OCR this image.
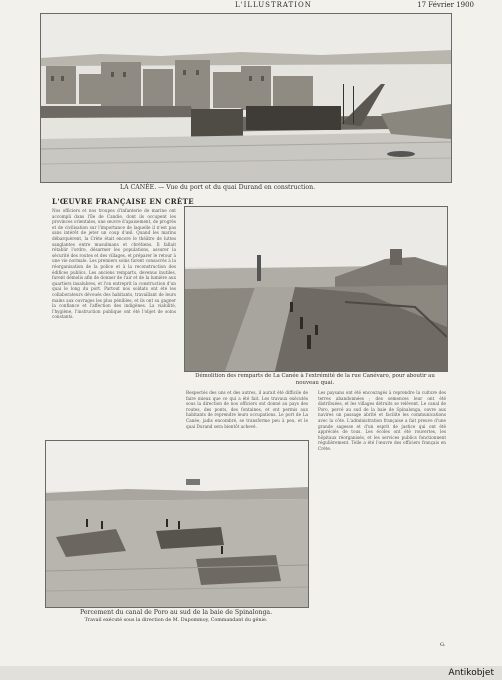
L'ILLUSTRATION	17 Février 1900
LA CANÉE. — Vue du port et du quai Durand en construction.
L'ŒUVRE FRANÇAISE EN CRÈTE
Nos officiers et nos troupes d'infanterie de marine ont accompli dans l'île de Candie, dont ils occupent les provinces orientales, une œuvre d'apaisement, de progrès et de civilisation sur l'importance de laquelle il n'est pas sans intérêt de jeter un coup d'œil. Quand les marins débarquèrent, la Crète était encore le théâtre de luttes sanglantes entre musulmans et chrétiens. Il fallait rétablir l'ordre, désarmer les populations, assurer la sécurité des routes et des villages, et préparer le retour à une vie normale. Les premiers soins furent consacrés à la réorganisation de la police et à la reconstruction des édifices publics. Les anciens remparts, devenus inutiles, furent démolis afin de donner de l'air et de la lumière aux quartiers insalubres, et l'on entreprit la construction d'un quai le long du port. Partout nos soldats ont été les collaborateurs dévoués des habitants, travaillant de leurs mains aux ouvrages les plus pénibles, et ils ont su gagner la confiance et l'affection des indigènes. La viabilité, l'hygiène, l'instruction publique ont été l'objet de soins constants.
Démolition des remparts de La Canée à l'extrémité de la rue Canévaro, pour aboutir au nouveau quai.
Respectés des uns et des autres, il aurait été difficile de faire mieux que ce qui a été fait. Les travaux exécutés sous la direction de nos officiers ont donné au pays des routes, des ponts, des fontaines, et ont permis aux habitants de reprendre leurs occupations. Le port de La Canée, jadis encombré, se transforme peu à peu, et le quai Durand sera bientôt achevé.
Les paysans ont été encouragés à reprendre la culture des terres abandonnées ; des semences leur ont été distribuées, et les villages détruits se relèvent. Le canal de Poro, percé au sud de la baie de Spinalonga, ouvre aux navires un passage abrité et facilite les communications avec la côte. L'administration française a fait preuve d'une grande sagesse et d'un esprit de justice qui ont été appréciés de tous. Les écoles ont été rouvertes, les hôpitaux réorganisés, et les services publics fonctionnent régulièrement. Telle a été l'œuvre des officiers français en Crète.
Percement du canal de Poro au sud de la baie de Spinalonga.
Travail exécuté sous la direction de M. Dupommoy, Commandant du génie.
G.
Antikobjet
